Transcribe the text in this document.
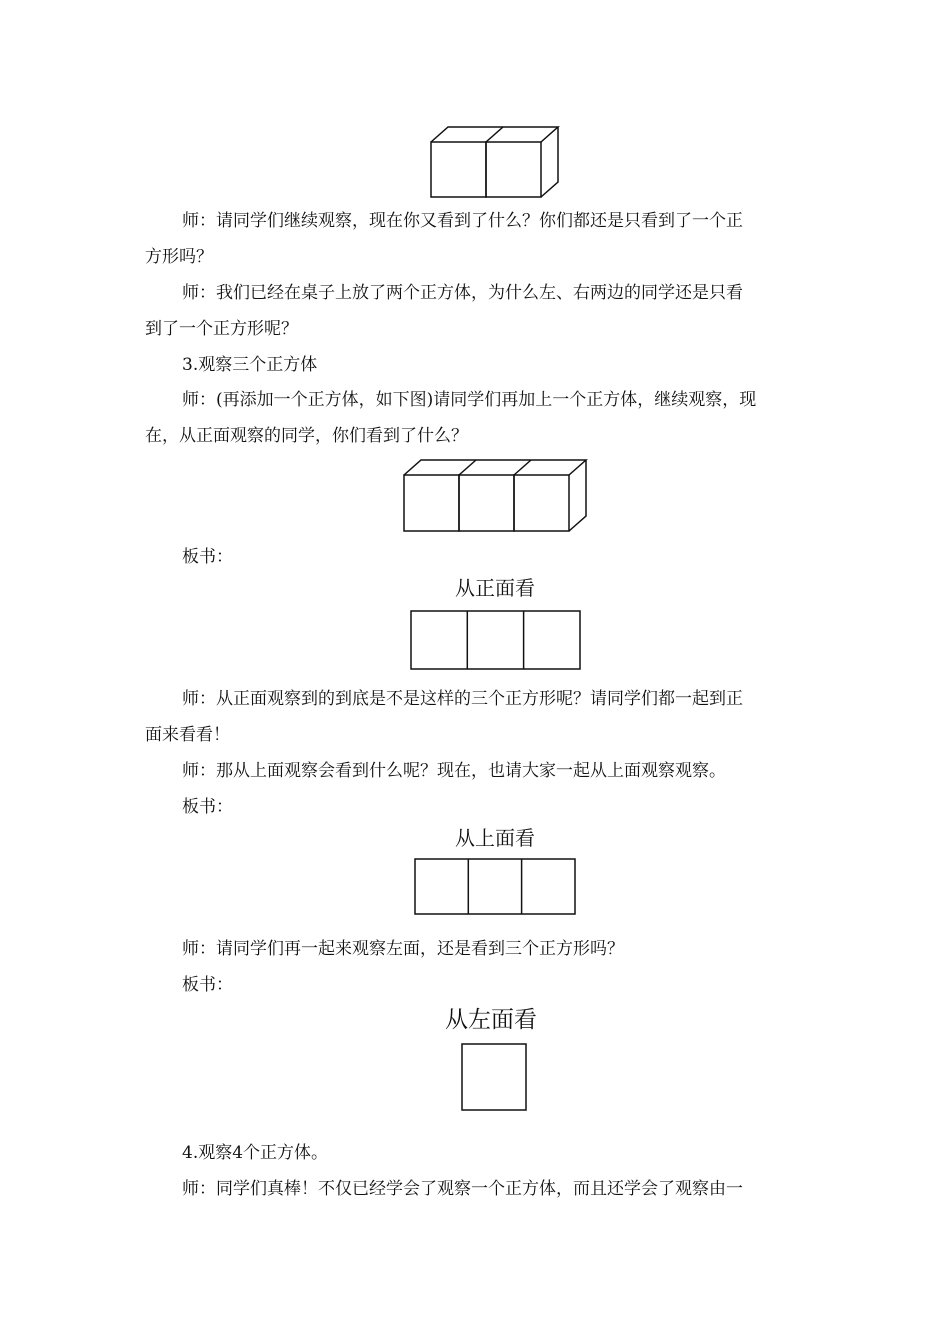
师：请同学们继续观察，现在你又看到了什么？你们都还是只看到了一个正
方形吗？
师：我们已经在桌子上放了两个正方体，为什么左、右两边的同学还是只看
到了一个正方形呢？
3.观察三个正方体
师：(再添加一个正方体，如下图)请同学们再加上一个正方体，继续观察，现
在，从正面观察的同学，你们看到了什么？
板书：
从正面看
师：从正面观察到的到底是不是这样的三个正方形呢？请同学们都一起到正
面来看看！
师：那从上面观察会看到什么呢？现在，也请大家一起从上面观察观察。
板书：
从上面看
师：请同学们再一起来观察左面，还是看到三个正方形吗？
板书：
从左面看
4.观察4个正方体。
师：同学们真棒！不仅已经学会了观察一个正方体，而且还学会了观察由一
